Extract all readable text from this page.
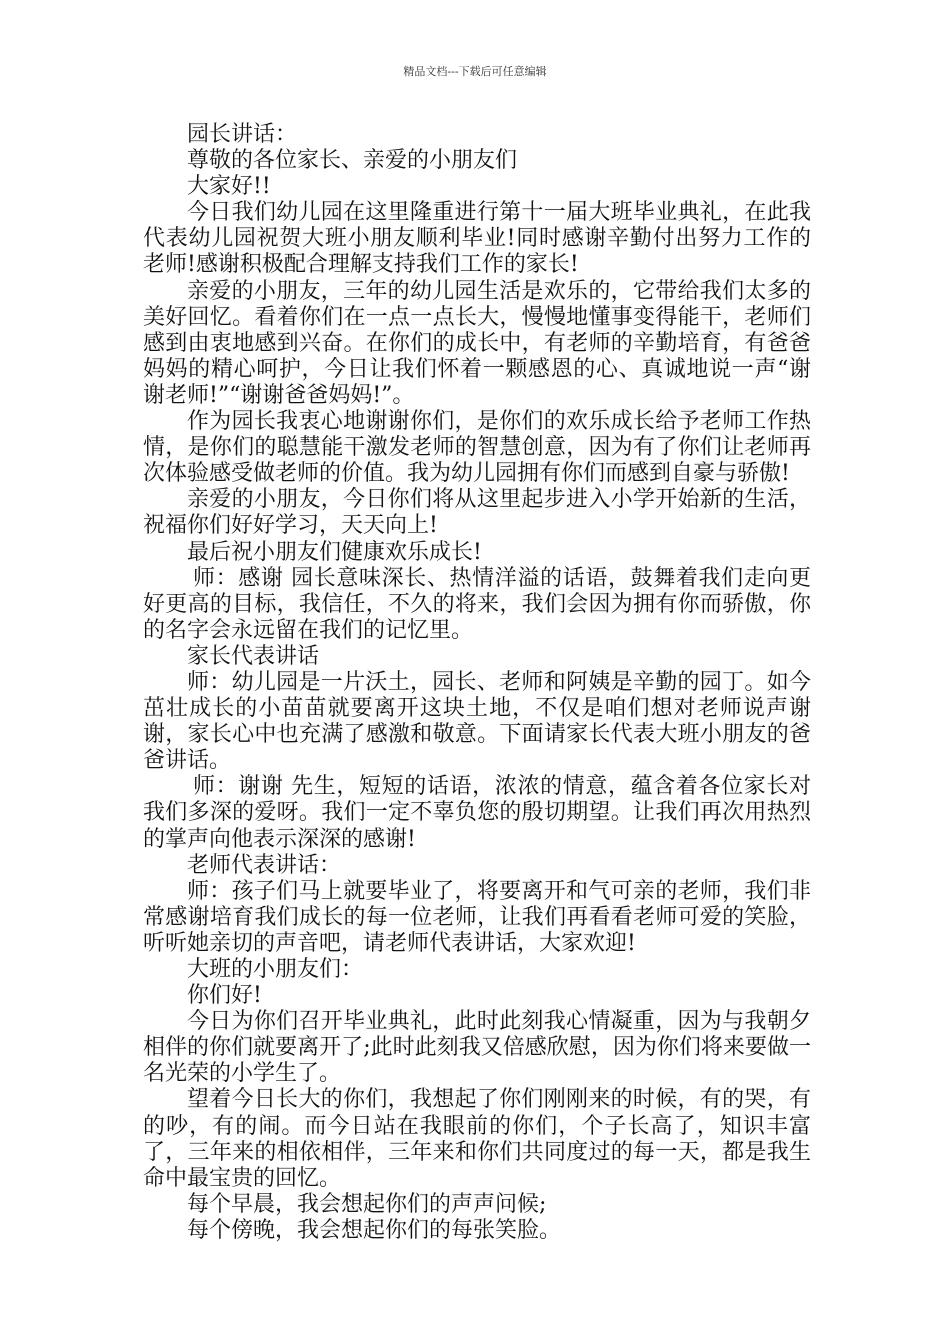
精品文档---下载后可任意编辑

园长讲话：

尊敬的各位家长、亲爱的小朋友们

大家好!!

今日我们幼儿园在这里隆重进行第十一届大班毕业典礼，在此我代表幼儿园祝贺大班小朋友顺利毕业!同时感谢辛勤付出努力工作的老师!感谢积极配合理解支持我们工作的家长!

亲爱的小朋友，三年的幼儿园生活是欢乐的，它带给我们太多的美好回忆。看着你们在一点一点长大，慢慢地懂事变得能干，老师们感到由衷地感到兴奋。在你们的成长中，有老师的辛勤培育，有爸爸妈妈的精心呵护，今日让我们怀着一颗感恩的心、真诚地说一声“谢谢老师!”“谢谢爸爸妈妈!”。

作为园长我衷心地谢谢你们，是你们的欢乐成长给予老师工作热情，是你们的聪慧能干激发老师的智慧创意，因为有了你们让老师再次体验感受做老师的价值。我为幼儿园拥有你们而感到自豪与骄傲!

亲爱的小朋友，今日你们将从这里起步进入小学开始新的生活，祝福你们好好学习，天天向上!

最后祝小朋友们健康欢乐成长!

师：感谢 园长意味深长、热情洋溢的话语，鼓舞着我们走向更好更高的目标，我信任，不久的将来，我们会因为拥有你而骄傲，你的名字会永远留在我们的记忆里。

家长代表讲话

师：幼儿园是一片沃土，园长、老师和阿姨是辛勤的园丁。如今茁壮成长的小苗苗就要离开这块土地，不仅是咱们想对老师说声谢谢，家长心中也充满了感激和敬意。下面请家长代表大班小朋友的爸爸讲话。

师：谢谢 先生，短短的话语，浓浓的情意，蕴含着各位家长对我们多深的爱呀。我们一定不辜负您的殷切期望。让我们再次用热烈的掌声向他表示深深的感谢!

老师代表讲话：

师：孩子们马上就要毕业了，将要离开和气可亲的老师，我们非常感谢培育我们成长的每一位老师，让我们再看看老师可爱的笑脸，听听她亲切的声音吧，请老师代表讲话，大家欢迎!

大班的小朋友们：

你们好!

今日为你们召开毕业典礼，此时此刻我心情凝重，因为与我朝夕相伴的你们就要离开了;此时此刻我又倍感欣慰，因为你们将来要做一名光荣的小学生了。

望着今日长大的你们，我想起了你们刚刚来的时候，有的哭，有的吵，有的闹。而今日站在我眼前的你们，个子长高了，知识丰富了，三年来的相依相伴，三年来和你们共同度过的每一天，都是我生命中最宝贵的回忆。

每个早晨，我会想起你们的声声问候;

每个傍晚，我会想起你们的每张笑脸。
